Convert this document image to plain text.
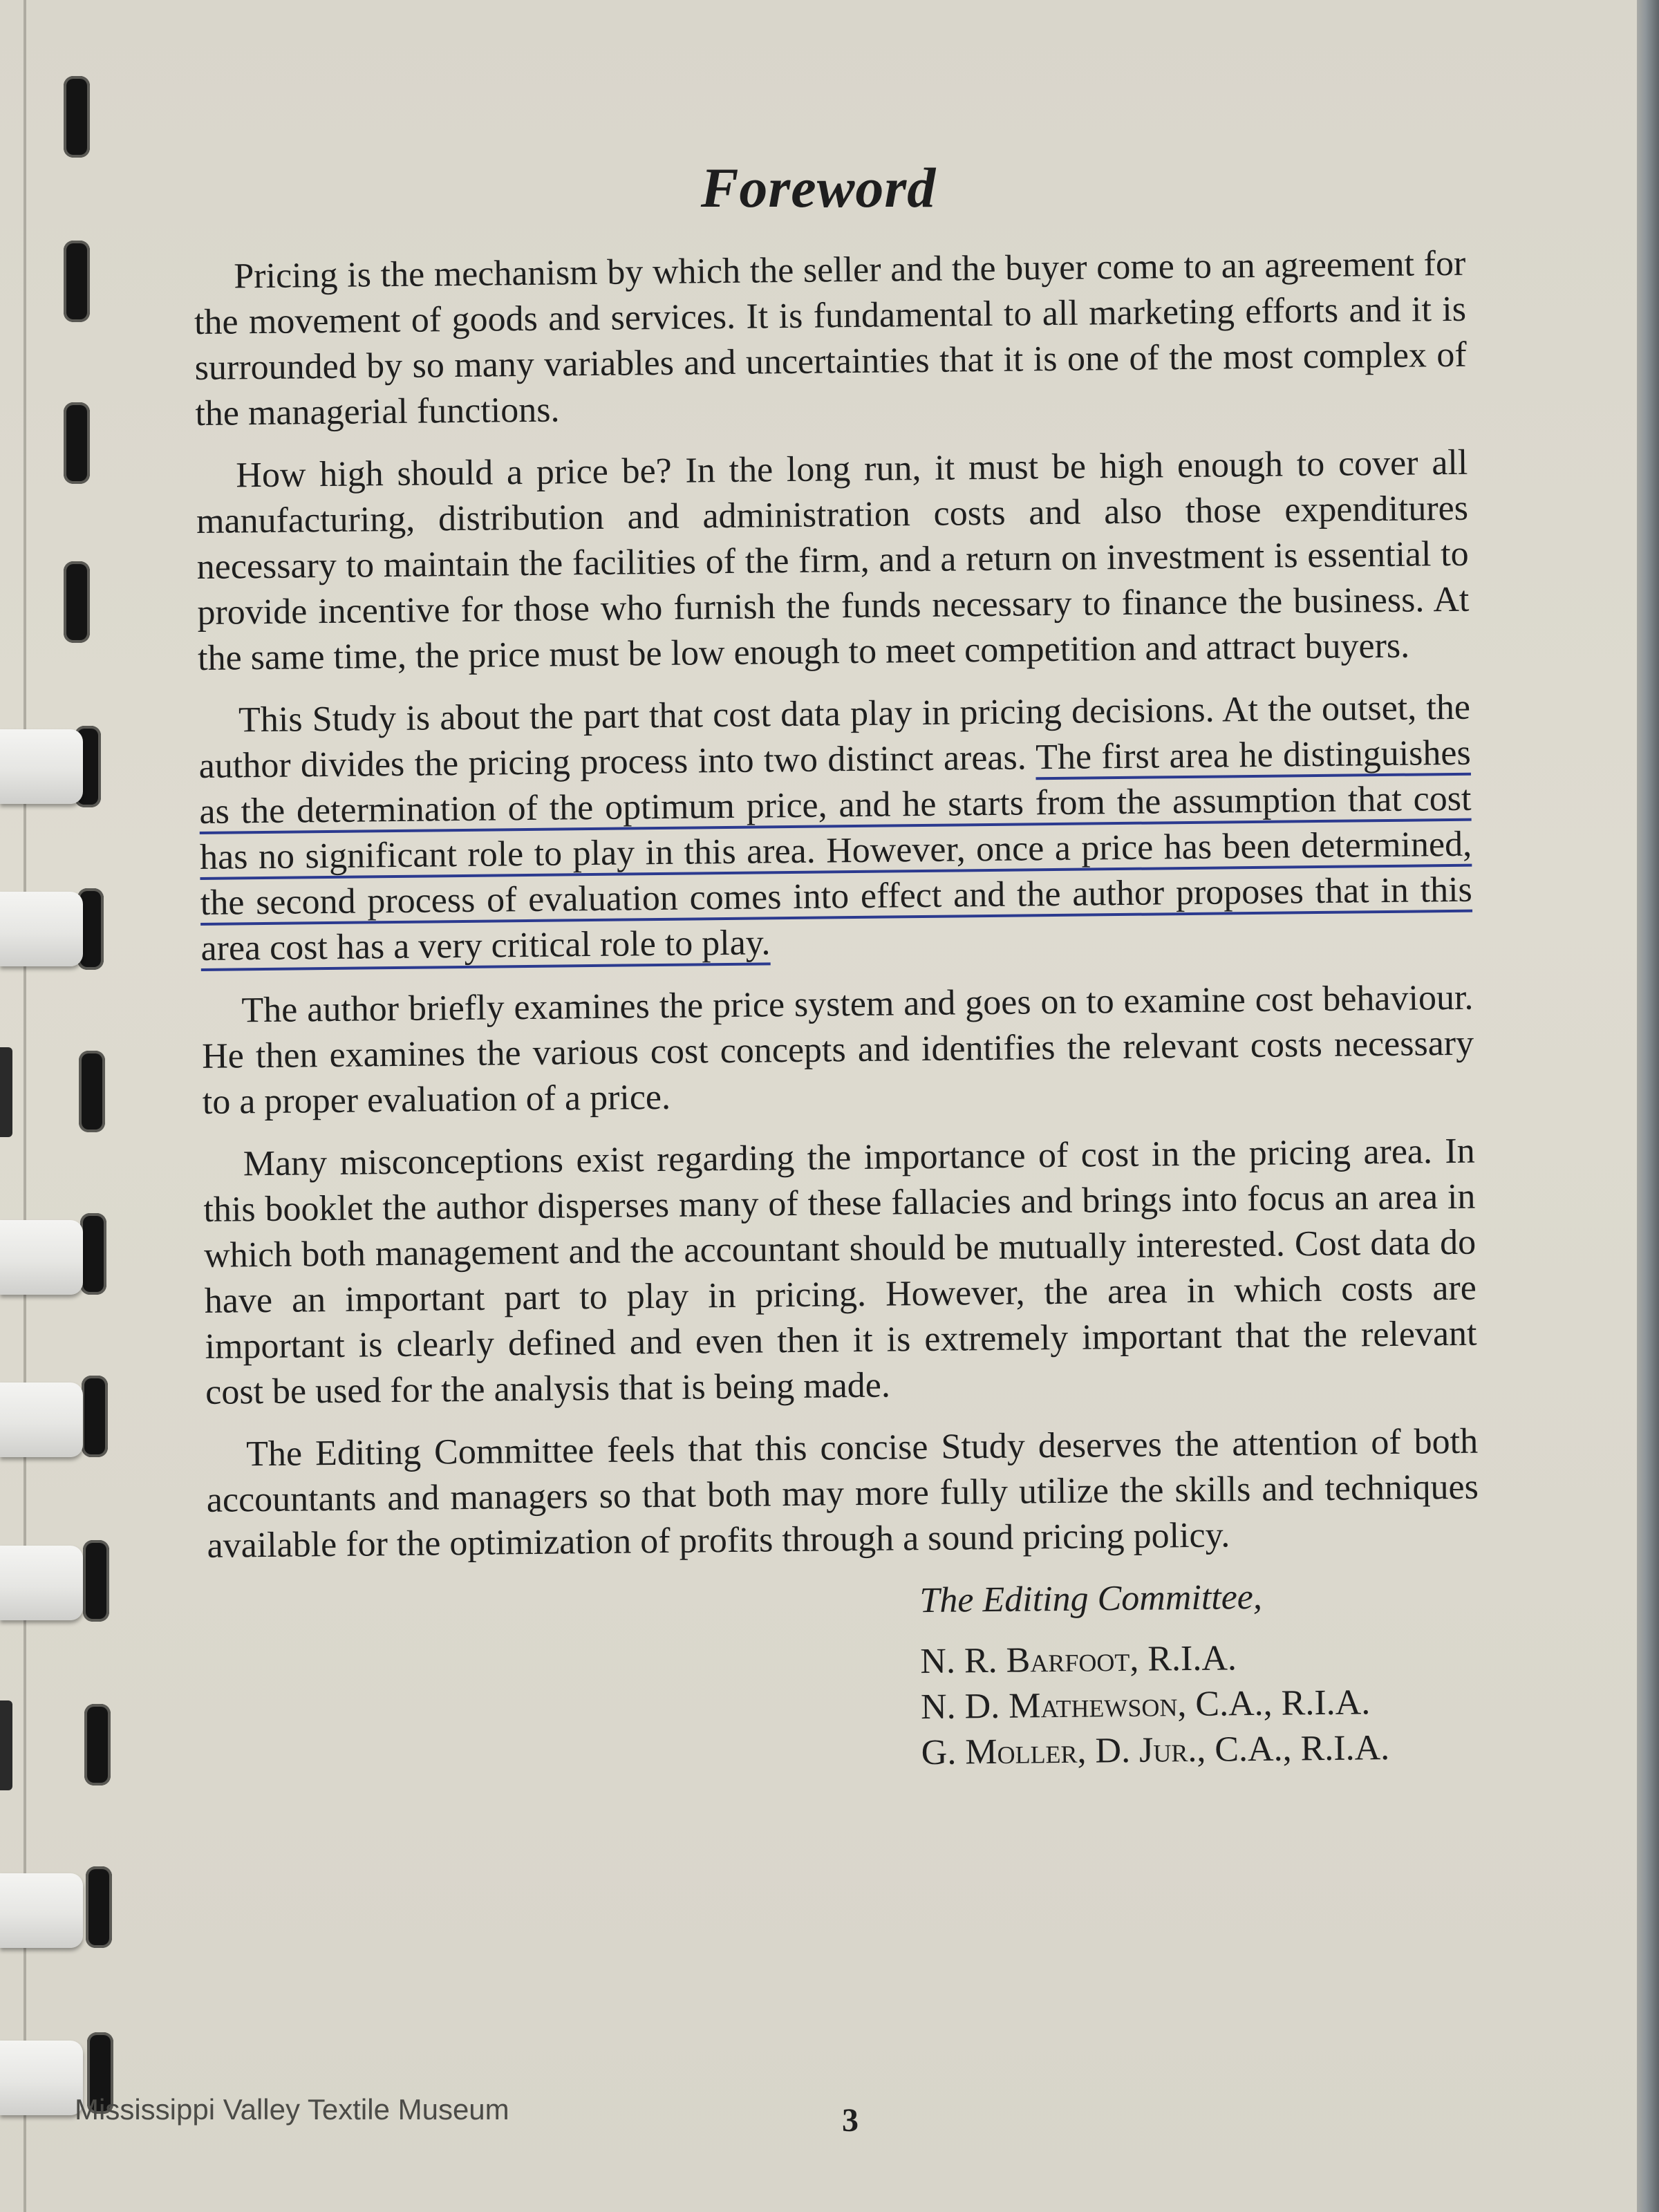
Foreword

Pricing is the mechanism by which the seller and the buyer come to an agreement for the movement of goods and services. It is fundamental to all marketing efforts and it is surrounded by so many variables and uncertainties that it is one of the most complex of the managerial functions.

How high should a price be? In the long run, it must be high enough to cover all manufacturing, distribution and administration costs and also those expenditures necessary to maintain the facilities of the firm, and a return on investment is essential to provide incentive for those who furnish the funds necessary to finance the business. At the same time, the price must be low enough to meet competition and attract buyers.

This Study is about the part that cost data play in pricing decisions. At the outset, the author divides the pricing process into two distinct areas. The first area he distinguishes as the determination of the optimum price, and he starts from the assumption that cost has no significant role to play in this area. However, once a price has been determined, the second process of evaluation comes into effect and the author proposes that in this area cost has a very critical role to play.

The author briefly examines the price system and goes on to examine cost behaviour. He then examines the various cost concepts and identifies the relevant costs necessary to a proper evaluation of a price.

Many misconceptions exist regarding the importance of cost in the pricing area. In this booklet the author disperses many of these fallacies and brings into focus an area in which both management and the accountant should be mutually interested. Cost data do have an important part to play in pricing. However, the area in which costs are important is clearly defined and even then it is extremely important that the relevant cost be used for the analysis that is being made.

The Editing Committee feels that this concise Study deserves the attention of both accountants and managers so that both may more fully utilize the skills and techniques available for the optimization of profits through a sound pricing policy.

The Editing Committee,
N. R. Barfoot, R.I.A.
N. D. Mathewson, C.A., R.I.A.
G. Moller, D. Jur., C.A., R.I.A.
Mississippi Valley Textile Museum	3
